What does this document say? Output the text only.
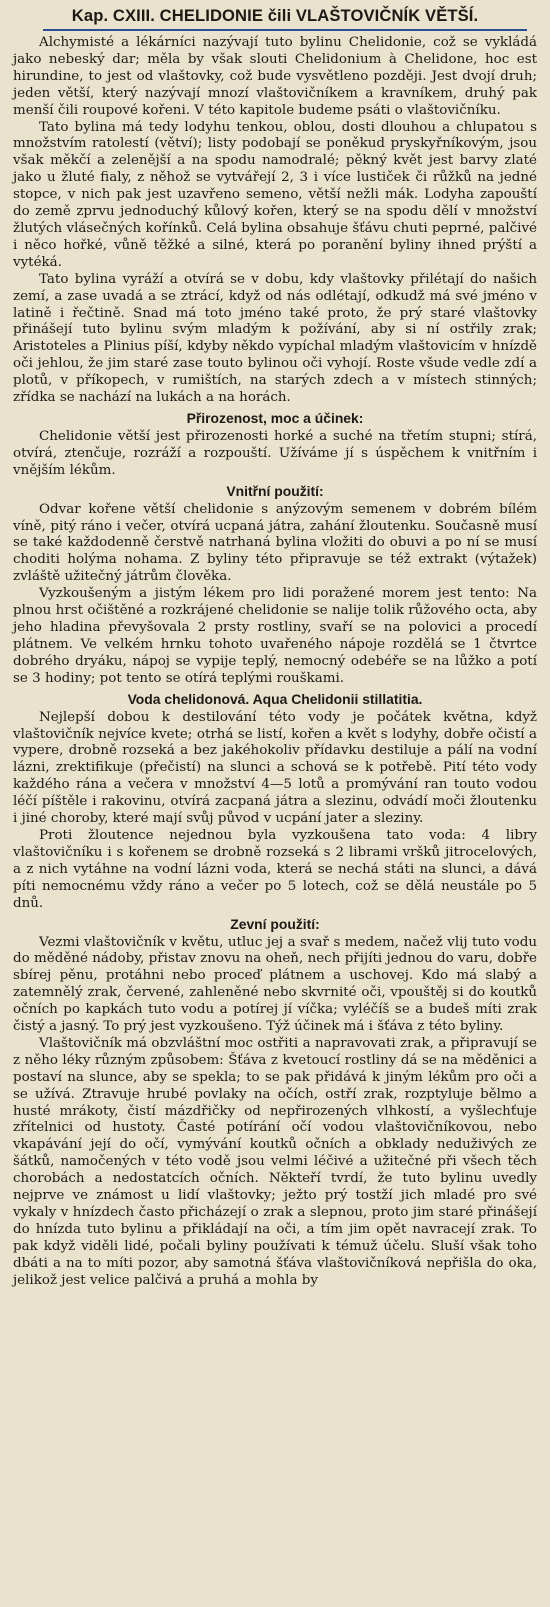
Kap. CXIII. CHELIDONIE čili VLAŠTOVIČNÍK VĚTŠÍ.

Alchymisté a lékárníci nazývají tuto bylinu Chelidonie, což se vykládá jako nebeský dar; měla by však slouti Chelidonium à Chelidone, hoc est hirundine, to jest od vlaštovky, což bude vysvětleno později. Jest dvojí druh; jeden větší, který nazývají mnozí vlaštovičníkem a kravníkem, druhý pak menší čili roupové kořeni. V této kapitole budeme psáti o vlaštovičníku.

Tato bylina má tedy lodyhu tenkou, oblou, dosti dlouhou a chlupatou s množstvím ratolestí (větví); listy podobají se poněkud pryskyřníkovým, jsou však měkčí a zelenější a na spodu namodralé; pěkný květ jest barvy zlaté jako u žluté fialy, z něhož se vytvářejí 2, 3 i více lustiček či růžků na jedné stopce, v nich pak jest uzavřeno semeno, větší nežli mák. Lodyha zapouští do země zprvu jednoduchý kůlový kořen, který se na spodu dělí v množství žlutých vlásečných kořínků. Celá bylina obsahuje šťávu chuti peprné, palčivé i něco hořké, vůně těžké a silné, která po poranění byliny ihned prýští a vytéká.

Tato bylina vyráží a otvírá se v dobu, kdy vlaštovky přilétají do našich zemí, a zase uvadá a se ztrácí, když od nás odlétají, odkudž má své jméno v latině i řečtině. Snad má toto jméno také proto, že prý staré vlaštovky přinášejí tuto bylinu svým mladým k požívání, aby si ní ostřily zrak; Aristoteles a Plinius píší, kdyby někdo vypíchal mladým vlaštovicím v hnízdě oči jehlou, že jim staré zase touto bylinou oči vyhojí. Roste všude vedle zdí a plotů, v příkopech, v rumištích, na starých zdech a v místech stinných; zřídka se nachází na lukách a na horách.

Přirozenost, moc a účinek:

Chelidonie větší jest přirozenosti horké a suché na třetím stupni; stírá, otvírá, ztenčuje, rozráží a rozpouští. Užíváme jí s úspěchem k vnitřním i vnějším lékům.

Vnitřní použití:

Odvar kořene větší chelidonie s anýzovým semenem v dobrém bílém víně, pitý ráno i večer, otvírá ucpaná játra, zahání žloutenku. Současně musí se také každodenně čerstvě natrhaná bylina vložiti do obuvi a po ní se musí choditi holýma nohama. Z byliny této připravuje se též extrakt (výtažek) zvláště užitečný játrům člověka.

Vyzkoušeným a jistým lékem pro lidi poražené morem jest tento: Na plnou hrst očištěné a rozkrájené chelidonie se nalije tolik růžového octa, aby jeho hladina převyšovala 2 prsty rostliny, svaří se na polovici a procedí plátnem. Ve velkém hrnku tohoto uvařeného nápoje rozdělá se 1 čtvrtce dobrého dryáku, nápoj se vypije teplý, nemocný odebéře se na lůžko a potí se 3 hodiny; pot tento se otírá teplými rouškami.

Voda chelidonová. Aqua Chelidonii stillatitia.

Nejlepší dobou k destilování této vody je počátek května, když vlaštovičník nejvíce kvete; otrhá se listí, kořen a květ s lodyhy, dobře očistí a vypere, drobně rozseká a bez jakéhokoliv přídavku destiluje a pálí na vodní lázni, zrektifikuje (přečistí) na slunci a schová se k potřebě. Pití této vody každého rána a večera v množství 4—5 lotů a promývání ran touto vodou léčí píštěle i rakovinu, otvírá zacpaná játra a slezinu, odvádí moči žloutenku i jiné choroby, které mají svůj původ v ucpání jater a sleziny.

Proti žloutence nejednou byla vyzkoušena tato voda: 4 libry vlaštovičníku i s kořenem se drobně rozseká s 2 librami vršků jitrocelových, a z nich vytáhne na vodní lázni voda, která se nechá státi na slunci, a dává píti nemocnému vždy ráno a večer po 5 lotech, což se dělá neustále po 5 dnů.

Zevní použití:

Vezmi vlaštovičník v květu, utluc jej a svař s medem, načež vlij tuto vodu do měděné nádoby, přistav znovu na oheň, nech přijíti jednou do varu, dobře sbírej pěnu, protáhni nebo proceď plátnem a uschovej. Kdo má slabý a zatemnělý zrak, červené, zahleněné nebo skvrnité oči, vpouštěj si do koutků očních po kapkách tuto vodu a potírej jí víčka; vyléčíš se a budeš míti zrak čistý a jasný. To prý jest vyzkoušeno. Týž účinek má i šťáva z této byliny.

Vlaštovičník má obzvláštní moc ostřiti a napravovati zrak, a připravují se z něho léky různým způsobem: Šťáva z kvetoucí rostliny dá se na měděnici a postaví na slunce, aby se spekla; to se pak přidává k jiným lékům pro oči a se užívá. Ztravuje hrubé povlaky na očích, ostří zrak, rozptyluje bělmo a husté mrákoty, čistí mázdřičky od nepřirozených vlhkostí, a vyšlechťuje zřítelnici od hustoty. Časté potírání očí vodou vlaštovičníkovou, nebo vkapávání její do očí, vymývání koutků očních a obklady neduživých ze šátků, namočených v této vodě jsou velmi léčivé a užitečné při všech těch chorobách a nedostatcích očních. Někteří tvrdí, že tuto bylinu uvedly nejprve ve známost u lidí vlaštovky; ježto prý tostží jich mladé pro své vykaly v hnízdech často přicházejí o zrak a slepnou, proto jim staré přinášejí do hnízda tuto bylinu a přikládají na oči, a tím jim opět navracejí zrak. To pak když viděli lidé, počali byliny používati k témuž účelu. Sluší však toho dbáti a na to míti pozor, aby samotná šťáva vlaštovičníková nepřišla do oka, jelikož jest velice palčivá a pruhá a mohla by
